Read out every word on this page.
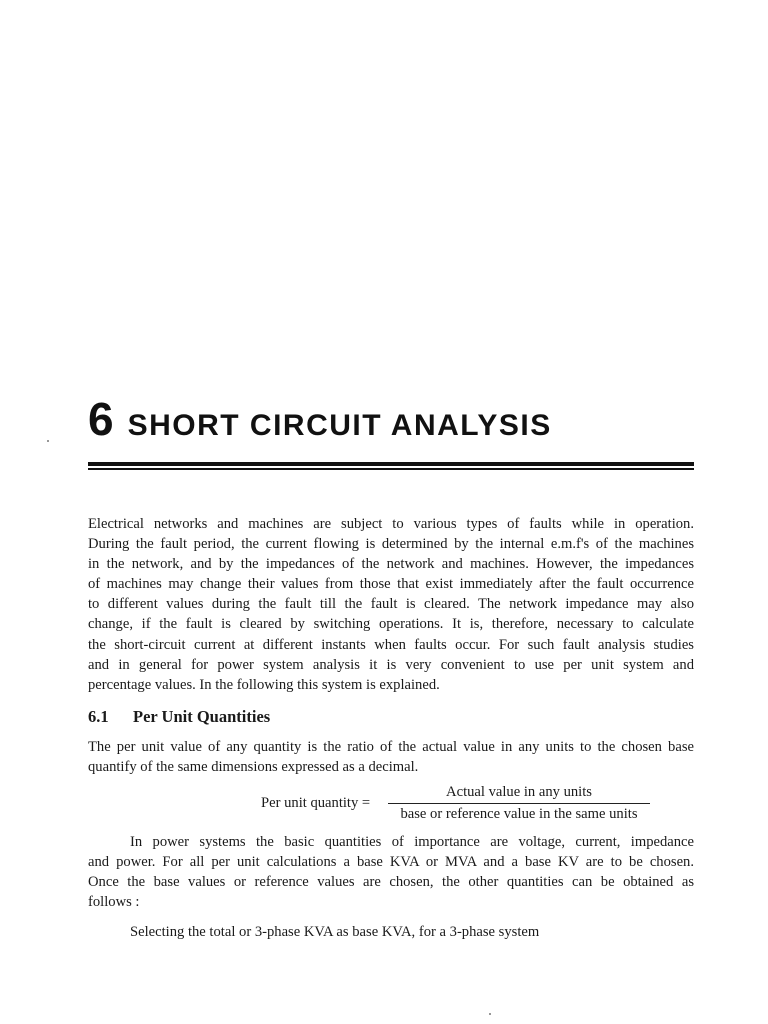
6 SHORT CIRCUIT ANALYSIS

Electrical networks and machines are subject to various types of faults while in operation.
During the fault period, the current flowing is determined by the internal e.m.f's of the machines
in the network, and by the impedances of the network and machines. However, the impedances
of machines may change their values from those that exist immediately after the fault occurrence
to different values during the fault till the fault is cleared. The network impedance may also
change, if the fault is cleared by switching operations. It is, therefore, necessary to calculate
the short-circuit current at different instants when faults occur. For such fault analysis studies
and in general for power system analysis it is very convenient to use per unit system and
percentage values. In the following this system is explained.

6.1 Per Unit Quantities

The per unit value of any quantity is the ratio of the actual value in any units to the chosen base
quantify of the same dimensions expressed as a decimal.

Per unit quantity =
Actual value in any units
base or reference value in the same units

In power systems the basic quantities of importance are voltage, current, impedance
and power. For all per unit calculations a base KVA or MVA and a base KV are to be chosen.
Once the base values or reference values are chosen, the other quantities can be obtained as
follows :

Selecting the total or 3-phase KVA as base KVA, for a 3-phase system
